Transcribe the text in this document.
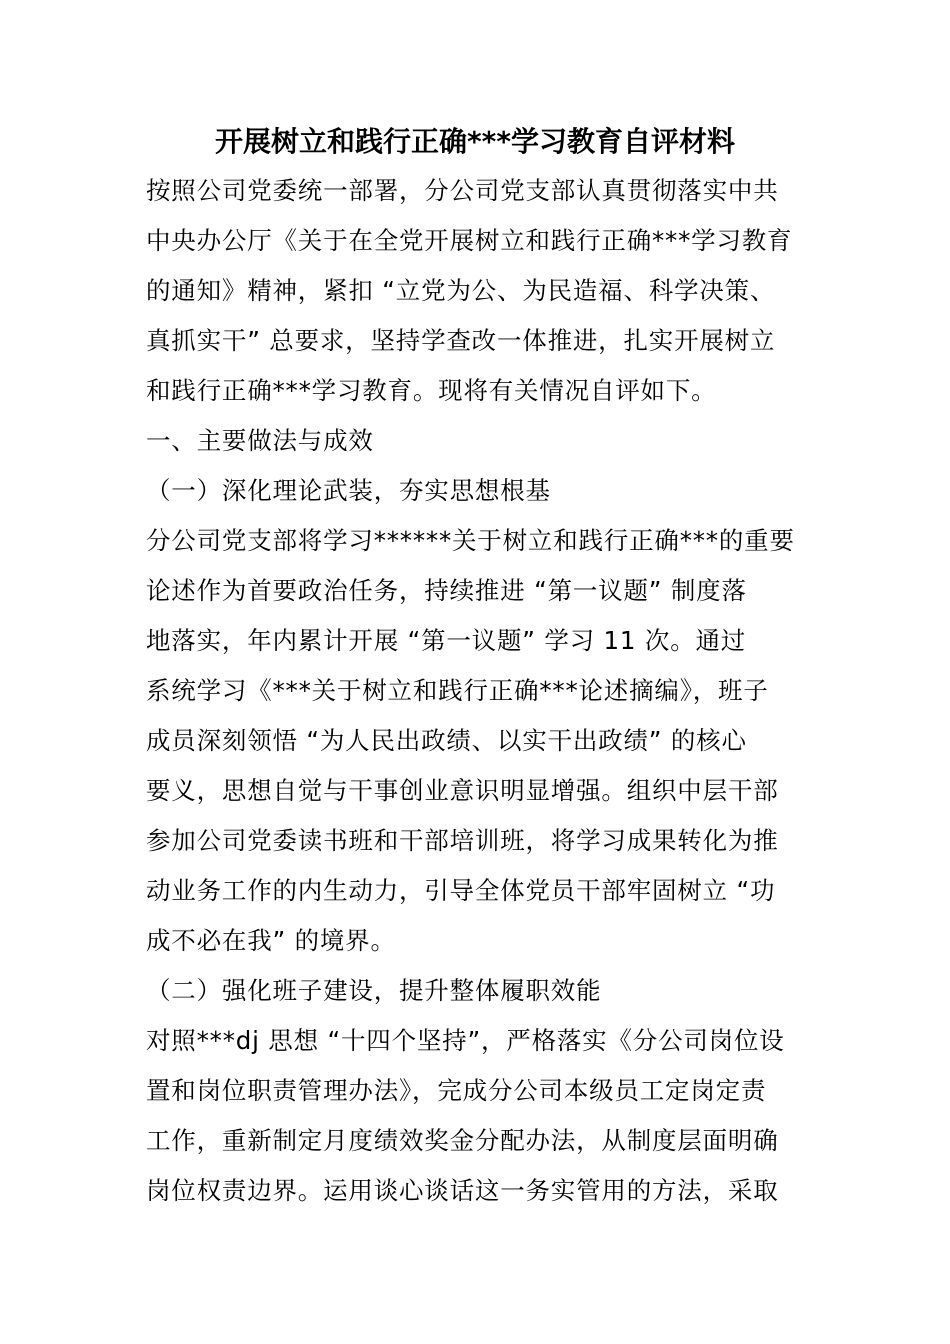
开展树立和践行正确***学习教育自评材料
按照公司党委统一部署，分公司党支部认真贯彻落实中共
中央办公厅《关于在全党开展树立和践行正确***学习教育
的通知》精神，紧扣 “立党为公、为民造福、科学决策、
真抓实干” 总要求，坚持学查改一体推进，扎实开展树立
和践行正确***学习教育。现将有关情况自评如下。
一、主要做法与成效
（一）深化理论武装，夯实思想根基
分公司党支部将学习******关于树立和践行正确***的重要
论述作为首要政治任务，持续推进 “第一议题” 制度落
地落实，年内累计开展 “第一议题” 学习 11 次。通过
系统学习《***关于树立和践行正确***论述摘编》，班子
成员深刻领悟 “为人民出政绩、以实干出政绩” 的核心
要义，思想自觉与干事创业意识明显增强。组织中层干部
参加公司党委读书班和干部培训班，将学习成果转化为推
动业务工作的内生动力，引导全体党员干部牢固树立 “功
成不必在我” 的境界。
（二）强化班子建设，提升整体履职效能
对照***dj 思想 “十四个坚持”，严格落实《分公司岗位设
置和岗位职责管理办法》，完成分公司本级员工定岗定责
工作，重新制定月度绩效奖金分配办法，从制度层面明确
岗位权责边界。运用谈心谈话这一务实管用的方法，采取
